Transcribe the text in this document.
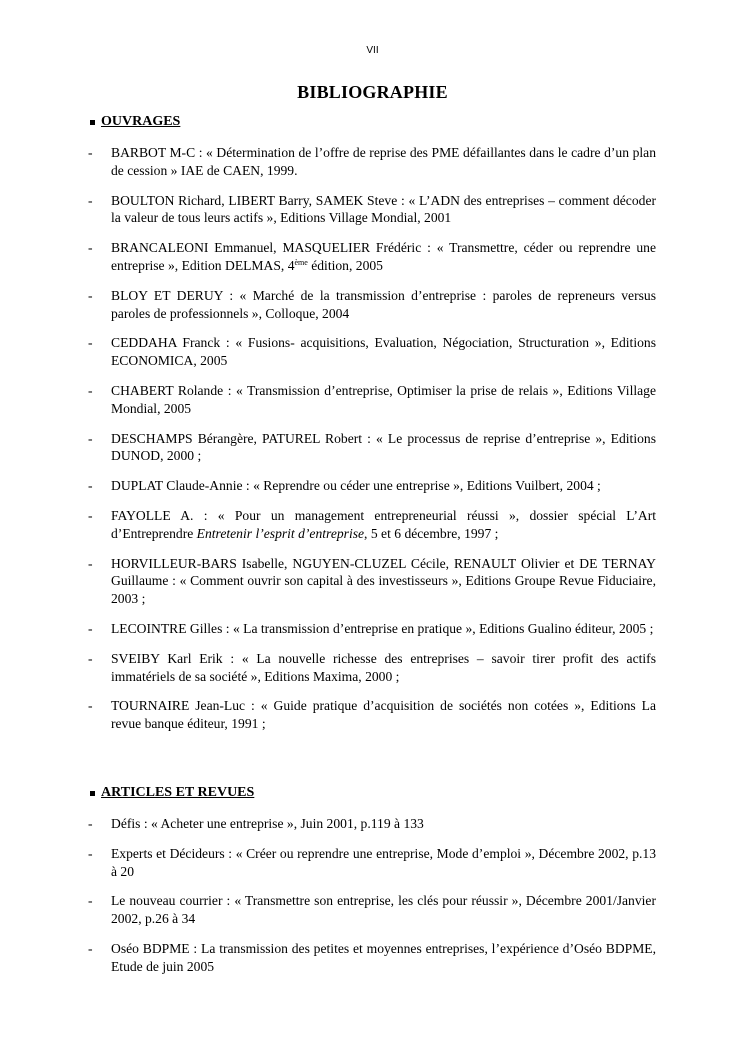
VII
BIBLIOGRAPHIE
OUVRAGES
- BARBOT M-C : « Détermination de l’offre de reprise des PME défaillantes dans le cadre d’un plan de cession » IAE de CAEN, 1999.
- BOULTON Richard, LIBERT Barry, SAMEK Steve : « L’ADN des entreprises – comment décoder la valeur de tous leurs actifs », Editions Village Mondial, 2001
- BRANCALEONI Emmanuel, MASQUELIER Frédéric : « Transmettre, céder ou reprendre une entreprise », Edition DELMAS, 4ème édition, 2005
- BLOY ET DERUY : « Marché de la transmission d’entreprise : paroles de repreneurs versus paroles de professionnels », Colloque, 2004
- CEDDAHA Franck : « Fusions- acquisitions, Evaluation, Négociation, Structuration », Editions ECONOMICA, 2005
- CHABERT Rolande : « Transmission d’entreprise, Optimiser la prise de relais », Editions Village Mondial, 2005
- DESCHAMPS Bérangère, PATUREL Robert : « Le processus de reprise d’entreprise », Editions DUNOD, 2000 ;
- DUPLAT Claude-Annie : « Reprendre ou céder une entreprise », Editions Vuilbert, 2004 ;
- FAYOLLE A. : « Pour un management entrepreneurial réussi », dossier spécial L’Art d’Entreprendre Entretenir l’esprit d’entreprise, 5 et 6 décembre, 1997 ;
- HORVILLEUR-BARS Isabelle, NGUYEN-CLUZEL Cécile, RENAULT Olivier et DE TERNAY Guillaume : « Comment ouvrir son capital à des investisseurs », Editions Groupe Revue Fiduciaire, 2003 ;
- LECOINTRE Gilles : « La transmission d’entreprise en pratique », Editions Gualino éditeur, 2005 ;
- SVEIBY Karl Erik : « La nouvelle richesse des entreprises – savoir tirer profit des actifs immatériels de sa société », Editions Maxima, 2000 ;
- TOURNAIRE Jean-Luc : « Guide pratique d’acquisition de sociétés non cotées », Editions La revue banque éditeur, 1991 ;
ARTICLES ET REVUES
- Défis : « Acheter une entreprise », Juin 2001, p.119 à 133
- Experts et Décideurs : « Créer ou reprendre une entreprise, Mode d’emploi », Décembre 2002, p.13 à 20
- Le nouveau courrier : « Transmettre son entreprise, les clés pour réussir », Décembre 2001/Janvier 2002, p.26 à 34
- Oséo BDPME : La transmission des petites et moyennes entreprises, l’expérience d’Oséo BDPME, Etude de juin 2005
